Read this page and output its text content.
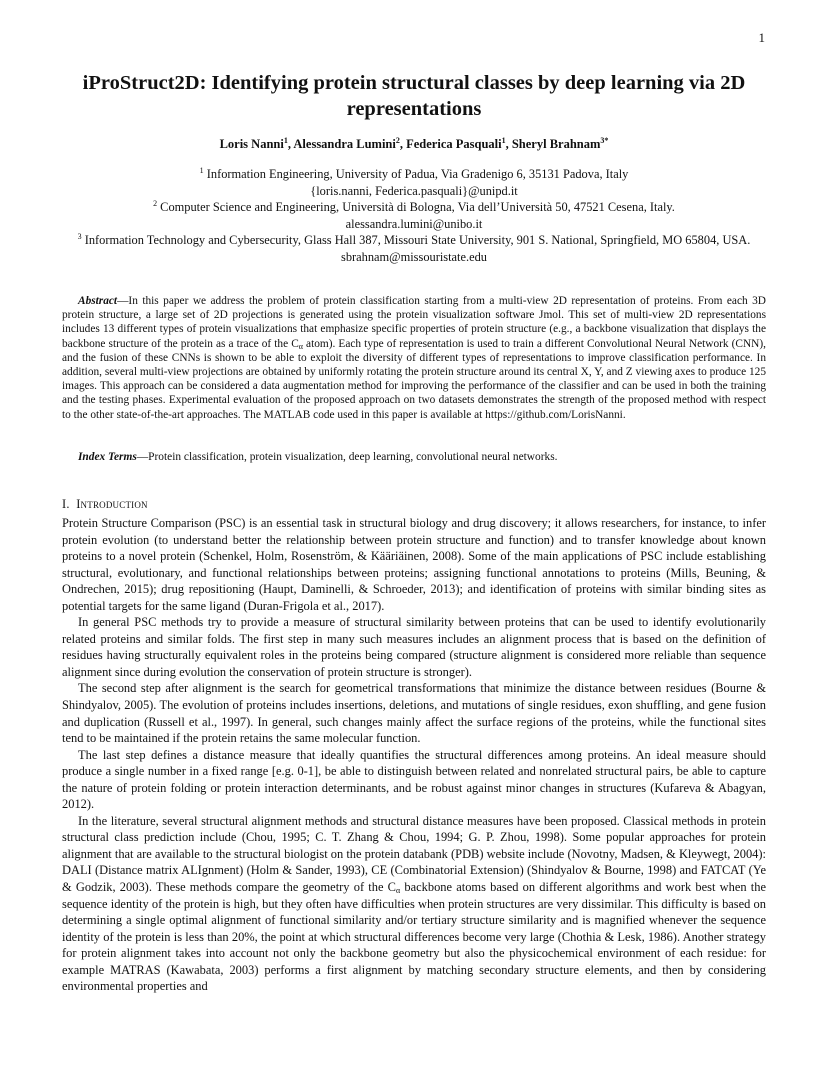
1
iProStruct2D: Identifying protein structural classes by deep learning via 2D representations
Loris Nanni$^1$, Alessandra Lumini$^2$, Federica Pasquali$^1$, Sheryl Brahnam$^{3*}$
$^1$ Information Engineering, University of Padua, Via Gradenigo 6, 35131 Padova, Italy
{loris.nanni, Federica.pasquali}@unipd.it
$^2$ Computer Science and Engineering, Università di Bologna, Via dell’Università 50, 47521 Cesena, Italy.
alessandra.lumini@unibo.it
$^3$ Information Technology and Cybersecurity, Glass Hall 387, Missouri State University, 901 S. National, Springfield, MO 65804, USA.
sbrahnam@missouristate.edu
Abstract—In this paper we address the problem of protein classification starting from a multi-view 2D representation of proteins. From each 3D protein structure, a large set of 2D projections is generated using the protein visualization software Jmol. This set of multi-view 2D representations includes 13 different types of protein visualizations that emphasize specific properties of protein structure (e.g., a backbone visualization that displays the backbone structure of the protein as a trace of the $C_\alpha$ atom). Each type of representation is used to train a different Convolutional Neural Network (CNN), and the fusion of these CNNs is shown to be able to exploit the diversity of different types of representations to improve classification performance. In addition, several multi-view projections are obtained by uniformly rotating the protein structure around its central X, Y, and Z viewing axes to produce 125 images. This approach can be considered a data augmentation method for improving the performance of the classifier and can be used in both the training and the testing phases. Experimental evaluation of the proposed approach on two datasets demonstrates the strength of the proposed method with respect to the other state-of-the-art approaches. The MATLAB code used in this paper is available at https://github.com/LorisNanni.
Index Terms—Protein classification, protein visualization, deep learning, convolutional neural networks.
I. Introduction

Protein Structure Comparison (PSC) is an essential task in structural biology and drug discovery; it allows researchers, for instance, to infer protein evolution (to understand better the relationship between protein structure and function) and to transfer knowledge about known proteins to a novel protein (Schenkel, Holm, Rosenström, & Kääriäinen, 2008). Some of the main applications of PSC include establishing structural, evolutionary, and functional relationships between proteins; assigning functional annotations to proteins (Mills, Beuning, & Ondrechen, 2015); drug repositioning (Haupt, Daminelli, & Schroeder, 2013); and identification of proteins with similar binding sites as potential targets for the same ligand (Duran-Frigola et al., 2017).

In general PSC methods try to provide a measure of structural similarity between proteins that can be used to identify evolutionarily related proteins and similar folds. The first step in many such measures includes an alignment process that is based on the definition of residues having structurally equivalent roles in the proteins being compared (structure alignment is considered more reliable than sequence alignment since during evolution the conservation of protein structure is stronger).

The second step after alignment is the search for geometrical transformations that minimize the distance between residues (Bourne & Shindyalov, 2005). The evolution of proteins includes insertions, deletions, and mutations of single residues, exon shuffling, and gene fusion and duplication (Russell et al., 1997). In general, such changes mainly affect the surface regions of the proteins, while the functional sites tend to be maintained if the protein retains the same molecular function.

The last step defines a distance measure that ideally quantifies the structural differences among proteins. An ideal measure should produce a single number in a fixed range [e.g. 0-1], be able to distinguish between related and nonrelated structural pairs, be able to capture the nature of protein folding or protein interaction determinants, and be robust against minor changes in structures (Kufareva & Abagyan, 2012).

In the literature, several structural alignment methods and structural distance measures have been proposed. Classical methods in protein structural class prediction include (Chou, 1995; C. T. Zhang & Chou, 1994; G. P. Zhou, 1998). Some popular approaches for protein alignment that are available to the structural biologist on the protein databank (PDB) website include (Novotny, Madsen, & Kleywegt, 2004): DALI (Distance matrix ALIgnment) (Holm & Sander, 1993), CE (Combinatorial Extension) (Shindyalov & Bourne, 1998) and FATCAT (Ye & Godzik, 2003). These methods compare the geometry of the $C_\alpha$ backbone atoms based on different algorithms and work best when the sequence identity of the protein is high, but they often have difficulties when protein structures are very dissimilar. This difficulty is based on determining a single optimal alignment of functional similarity and/or tertiary structure similarity and is magnified whenever the sequence identity of the protein is less than 20%, the point at which structural differences become very large (Chothia & Lesk, 1986). Another strategy for protein alignment takes into account not only the backbone geometry but also the physicochemical environment of each residue: for example MATRAS (Kawabata, 2003) performs a first alignment by matching secondary structure elements, and then by considering environmental properties and
